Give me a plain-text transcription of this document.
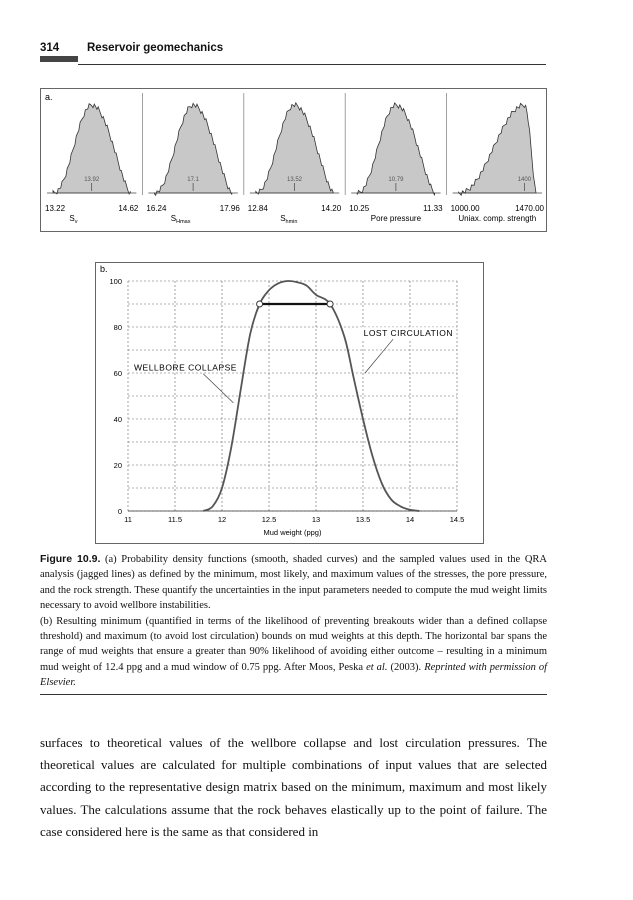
314 Reservoir geomechanics
a.
13.92
13.22	14.62
$S_v$
17.1
16.24	17.96
$S_{Hmax}$
13.52
12.84	14.20
$S_{hmin}$
10.79
10.25	11.33
Pore pressure
1400
1000.00	1470.00
Uniax. comp. strength
b.
0
20
40
60
80
100
11	11.5	12	12.5	13	13.5	14	14.5
Mud weight (ppg)
WELLBORE COLLAPSE
LOST CIRCULATION

Figure 10.9. (a) Probability density functions (smooth, shaded curves) and the sampled values used in the QRA analysis (jagged lines) as defined by the minimum, most likely, and maximum values of the stresses, the pore pressure, and the rock strength. These quantify the uncertainties in the input parameters needed to compute the mud weight limits necessary to avoid wellbore instabilities.

(b) Resulting minimum (quantified in terms of the likelihood of preventing breakouts wider than a defined collapse threshold) and maximum (to avoid lost circulation) bounds on mud weights at this depth. The horizontal bar spans the range of mud weights that ensure a greater than 90% likelihood of avoiding either outcome – resulting in a minimum mud weight of 12.4 ppg and a mud window of 0.75 ppg. After Moos, Peska et al. (2003). Reprinted with permission of Elsevier.

surfaces to theoretical values of the wellbore collapse and lost circulation pressures. The theoretical values are calculated for multiple combinations of input values that are selected according to the representative design matrix based on the minimum, maximum and most likely values. The calculations assume that the rock behaves elastically up to the point of failure. The case considered here is the same as that considered in
